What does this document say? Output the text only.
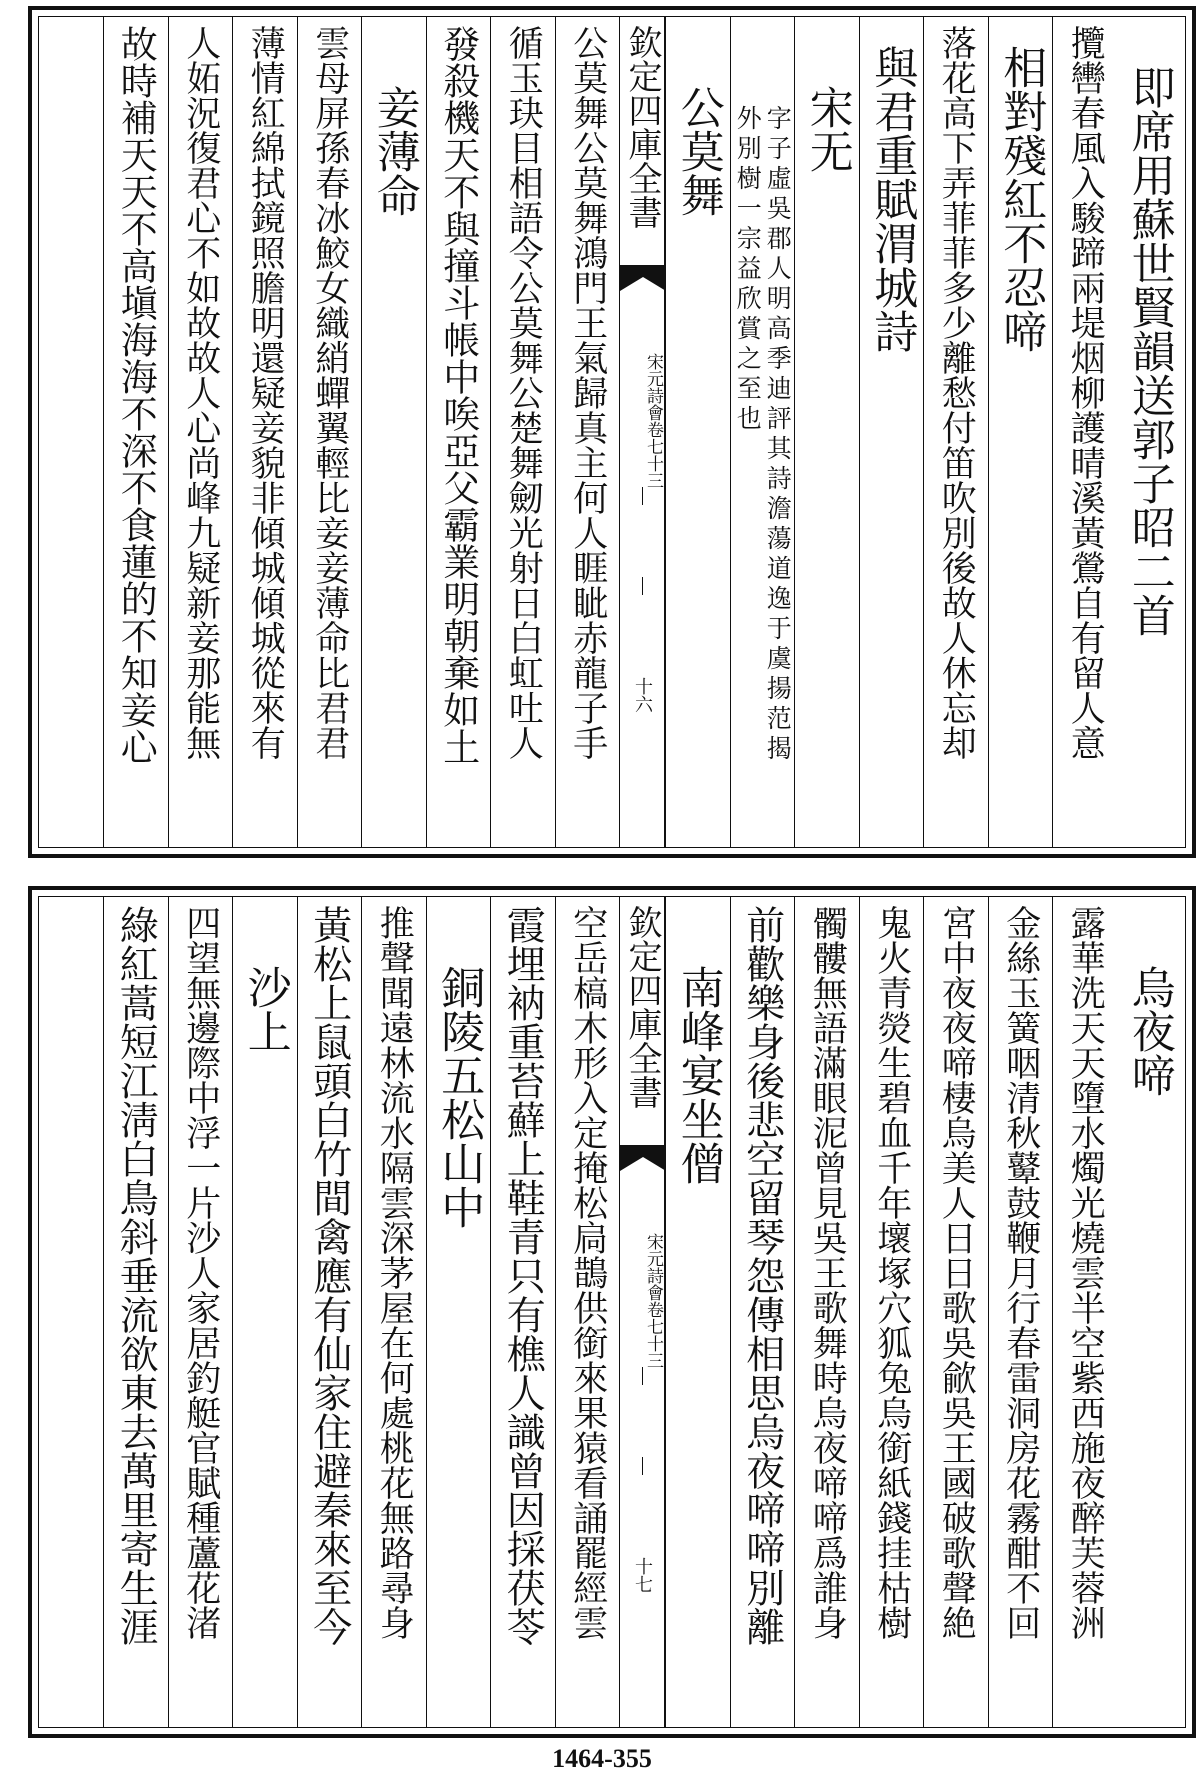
即席用蘇世賢韻送郭子昭二首
攬轡春風入駿蹄兩堤烟柳護晴溪黃鶯自有留人意
相對殘紅不忍啼
落花高下弄菲菲多少離愁付笛吹別後故人休忘却
與君重賦渭城詩
宋无
字子虛吳郡人明高季迪評其詩澹蕩道逸于虞揚范揭外別樹一宗益欣賞之至也
公莫舞
欽定四庫全書
宋元詩會卷七十三
十六
公莫舞公莫舞鴻門王氣歸真主何人睚眦赤龍子手
循玉玦目相語令公莫舞公楚舞劒光射日白虹吐人
發殺機天不與撞斗帳中唉亞父霸業明朝棄如土
妾薄命
雲母屏孫春冰鮫女織綃蟬翼輕比妾妾薄命比君君
薄情紅綿拭鏡照膽明還疑妾貌非傾城傾城從來有
人妬況復君心不如故故人心尚峰九疑新妾那能無
故時補天天不高塡海海不深不食蓮的不知妾心
烏夜啼
露華洗天天墮水燭光燒雲半空紫西施夜醉芙蓉洲
金絲玉簧咽清秋鼙鼓鞭月行春雷洞房花霧酣不回
宮中夜夜啼棲烏美人日日歌吳歈吳王國破歌聲絶
鬼火青熒生碧血千年壞塚穴狐兔烏銜紙錢挂枯樹
髑髏無語滿眼泥曾見吳王歌舞時烏夜啼啼爲誰身
前歡樂身後悲空留琴怨傳相思烏夜啼啼別離
南峰宴坐僧
欽定四庫全書
宋元詩會卷七十三
十七
空岳槁木形入定掩松扃鵲供銜來果猿看誦罷經雲
霞埋衲重苔蘚上鞋青只有樵人識曾因採茯苓
銅陵五松山中
推聲聞遠林流水隔雲深茅屋在何處桃花無路尋身
黃松上鼠頭白竹間禽應有仙家住避秦來至今
沙上
四望無邊際中浮一片沙人家居釣艇官賦種蘆花渚
綠紅蒿短江淸白鳥斜垂流欲東去萬里寄生涯
1464-355
